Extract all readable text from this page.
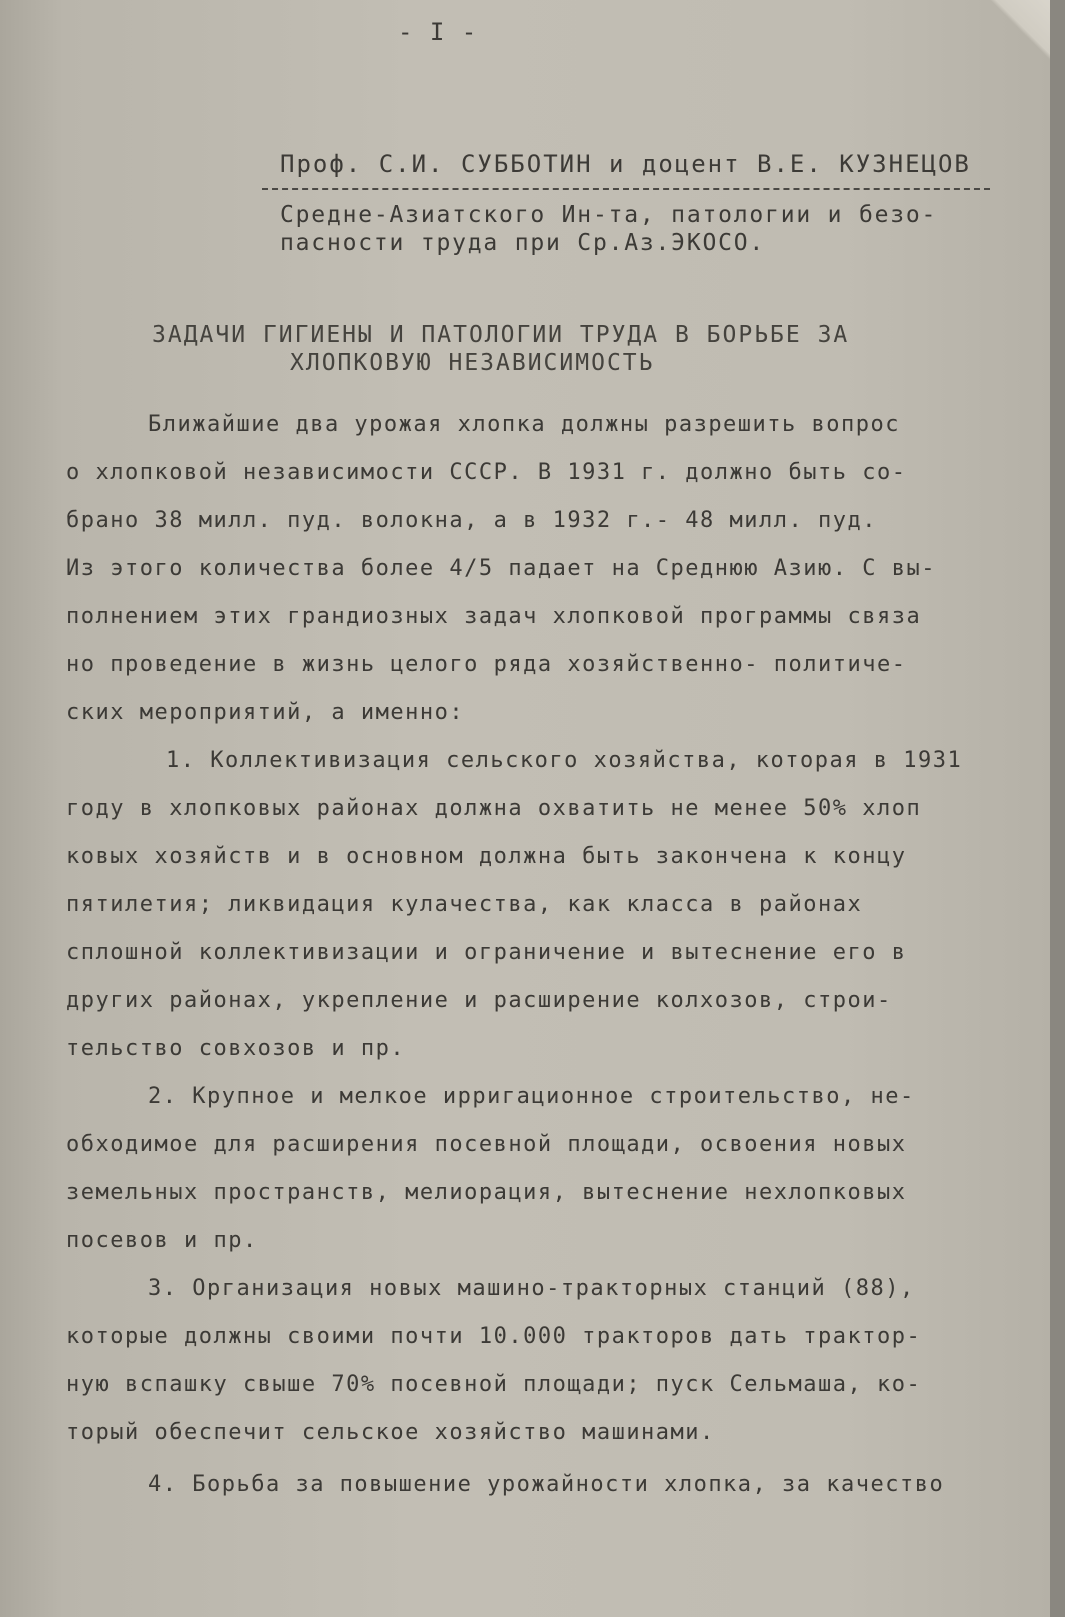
- I -
Проф. С.И. СУББОТИН и доцент В.Е. КУЗНЕЦОВ
Средне-Азиатского Ин-та, патологии и безо-
пасности труда при Ср.Аз.ЭКОСО.
ЗАДАЧИ ГИГИЕНЫ И ПАТОЛОГИИ ТРУДА В БОРЬБЕ ЗА
ХЛОПКОВУЮ НЕЗАВИСИМОСТЬ
Ближайшие два урожая хлопка должны разрешить вопрос
о хлопковой независимости СССР. В 1931 г. должно быть со-
брано 38 милл. пуд. волокна, а в 1932 г.- 48 милл. пуд.
Из этого количества более 4/5 падает на Среднюю Азию. С вы-
полнением этих грандиозных задач хлопковой программы связа
но проведение в жизнь целого ряда хозяйственно- политиче-
ских мероприятий, а именно:
1. Коллективизация сельского хозяйства, которая в 1931
году в хлопковых районах должна охватить не менее 50% хлоп
ковых хозяйств и в основном должна быть закончена к концу
пятилетия; ликвидация кулачества, как класса в районах
сплошной коллективизации и ограничение и вытеснение его в
других районах, укрепление и расширение колхозов, строи-
тельство совхозов и пр.
2. Крупное и мелкое ирригационное строительство, не-
обходимое для расширения посевной площади, освоения новых
земельных пространств, мелиорация, вытеснение нехлопковых
посевов и пр.
3. Организация новых машино-тракторных станций (88),
которые должны своими почти 10.000 тракторов дать трактор-
ную вспашку свыше 70% посевной площади; пуск Сельмаша, ко-
торый обеспечит сельское хозяйство машинами.
4. Борьба за повышение урожайности хлопка, за качество
